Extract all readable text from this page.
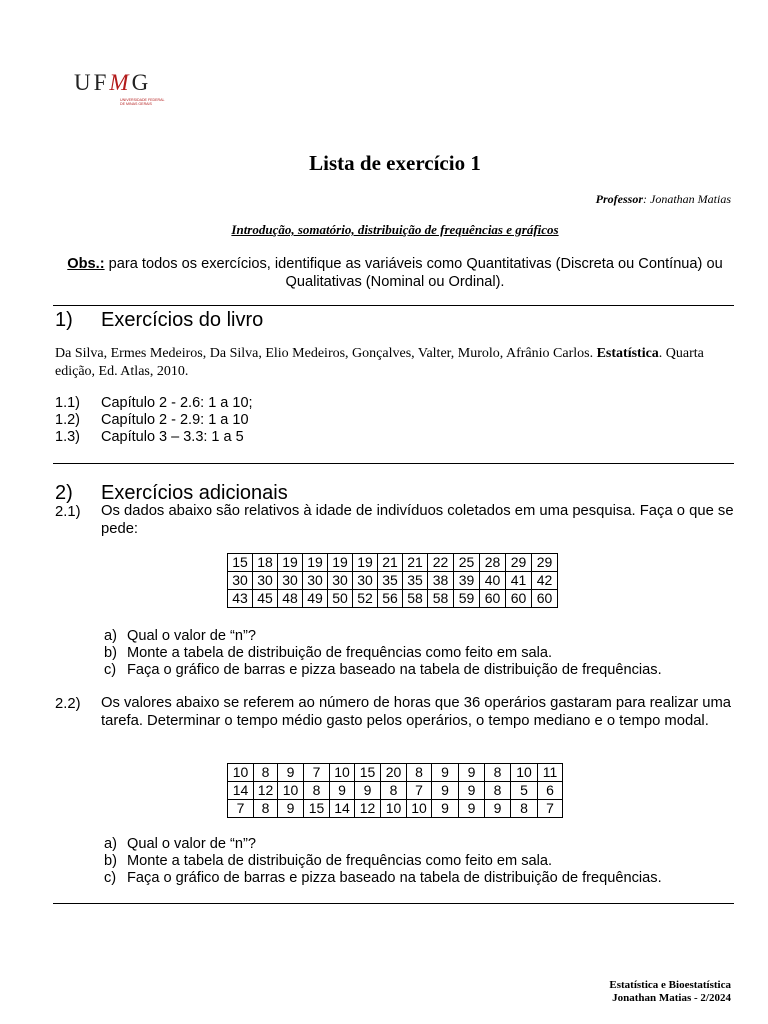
UFMG
UNIVERSIDADE FEDERAL
DE MINAS GERAIS
Lista de exercício 1
Professor: Jonathan Matias
Introdução, somatório, distribuição de frequências e gráficos
Obs.: para todos os exercícios, identifique as variáveis como Quantitativas (Discreta ou Contínua) ou Qualitativas (Nominal ou Ordinal).
1) Exercícios do livro
Da Silva, Ermes Medeiros, Da Silva, Elio Medeiros, Gonçalves, Valter, Murolo, Afrânio Carlos. Estatística. Quarta edição, Ed. Atlas, 2010.
1.1) Capítulo 2 - 2.6: 1 a 10;
1.2) Capítulo 2 - 2.9: 1 a 10
1.3) Capítulo 3 – 3.3: 1 a 5
2) Exercícios adicionais
2.1) Os dados abaixo são relativos à idade de indivíduos coletados em uma pesquisa. Faça o que se pede:
15	18	19	19	19	19	21	21	22	25	28	29	29
30	30	30	30	30	30	35	35	38	39	40	41	42
43	45	48	49	50	52	56	58	58	59	60	60	60
a) Qual o valor de “n”?
b) Monte a tabela de distribuição de frequências como feito em sala.
c) Faça o gráfico de barras e pizza baseado na tabela de distribuição de frequências.
2.2) Os valores abaixo se referem ao número de horas que 36 operários gastaram para realizar uma tarefa. Determinar o tempo médio gasto pelos operários, o tempo mediano e o tempo modal.
10	8	9	7	10	15	20	8	9	9	8	10	11
14	12	10	8	9	9	8	7	9	9	8	5	6
7	8	9	15	14	12	10	10	9	9	9	8	7
a) Qual o valor de “n”?
b) Monte a tabela de distribuição de frequências como feito em sala.
c) Faça o gráfico de barras e pizza baseado na tabela de distribuição de frequências.
Estatística e Bioestatística
Jonathan Matias - 2/2024
